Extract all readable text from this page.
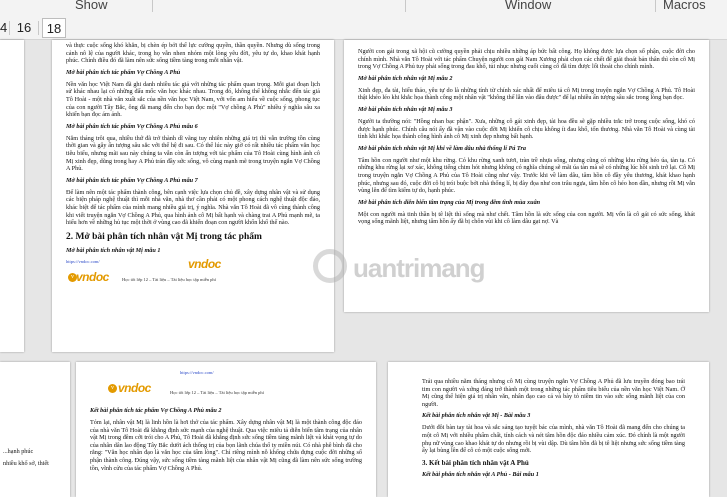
Show	Window	Macros
4 16	18

và thực cuộc sống khó khăn, bị chèn ép bởi thế lực cường quyền, thần quyền. Nhưng dù sống trong cảnh nô lệ của người khác, trong họ vẫn nhen nhóm một lòng yêu đời, yêu tự do, khao khát hạnh phúc. Chính điều đó đã làm nên sức sống tiềm tàng trong mỗi nhân vật.

Mở bài phân tích tác phẩm Vợ Chồng A Phủ

Nền văn học Việt Nam đã ghi danh nhiều tác giả với những tác phẩm quan trọng. Mỗi giai đoạn lịch sử khác nhau lại có những đấu mốc văn học khác nhau. Trong đó, không thể không nhắc đến tác giả Tô Hoài - một nhà văn xuất sắc của nền văn học Việt Nam, với vốn am hiểu về cuộc sống, phong tục của con người Tây Bắc, ông đã mang đến cho bạn đọc một "Vợ chồng A Phủ" nhiều ý nghĩa sâu xa khiến bạn đọc ám ảnh.

Mở bài phân tích tác phẩm Vợ Chồng A Phủ mẫu 6

Năm tháng trôi qua, nhiều thứ đã trở thành dĩ vãng tuy nhiên những giá trị thì vẫn trường tồn cùng thời gian và gây ấn tượng sâu sắc với thế hệ đi sau. Có thể lúc này giờ có rất nhiều tác phẩm văn học tiêu biểu, nhưng mãi sau này chúng ta vẫn còn ấn tượng với tác phẩm của Tô Hoài cùng hình ảnh cô Mị xinh đẹp, dũng trong hay A Phủ trán đầy sức sống, vô cùng mạnh mẽ trong truyện ngắn Vợ Chồng A Phủ.

Mở bài phân tích tác phẩm Vợ Chồng A Phủ mẫu 7

Để làm nên một tác phẩm thành công, bên cạnh việc lựa chọn chủ đề, xây dựng nhân vật và sử dụng các biện pháp nghệ thuật thì mỗi nhà văn, nhà thơ cần phải có một phong cách nghệ thuật độc đáo, khác biệt để tác phẩm của mình mang nhiều giá trị, ý nghĩa. Nhà văn Tô Hoài đã vô cùng thành công khi viết truyện ngắn Vợ Chồng A Phủ, qua hình ảnh cô Mị bất hạnh và chàng trai A Phủ mạnh mẽ, ta hiểu hơn về những hủ tục một thời ở vùng cao đã khiến đoạn con người khổn khổ thế nào.

2. Mở bài phân tích nhân vật Mị trong tác phẩm
Mở bài phân tích nhân vật Mị mẫu 1
https://vndoc.com/	vndoc
v vndoc	Học tốt lớp 12 – Tài liệu – Tài liệu học tập miễn phí

Người con gái trong xã hội cũ cường quyền phải chịu nhiều những áp bức bất công. Họ không được lựa chọn số phận, cuộc đời cho chính mình. Nhà văn Tô Hoài với tác phẩm Chuyện người con gái Nam Xương phải chọn các chết để giải thoát bản thân thì còn cô Mị trong Vợ Chồng A Phủ tuy phải sống trong đau khổ, tủi nhục nhưng cuối cùng cô đã tìm được lối thoát cho chính mình.

Mở bài phân tích nhân vật Mị mẫu 2

Xinh đẹp, đa tài, hiếu thảo, yêu tự do là những tính từ chính xác nhất để miêu tả cô Mị trong truyện ngắn Vợ Chồng A Phủ. Tô Hoài thật khéo léo khi khắc họa thành công một nhân vật "không thể lẫn vào đâu được" để lại nhiều ấn tượng sâu sắc trong lòng bạn đọc.

Mở bài phân tích nhân vật Mị mẫu 3

Người ta thường nói: "Hồng nhan bạc phận". Xưa, những cô gái xinh đẹp, tài hoa đều sẽ gặp nhiều trắc trở trong cuộc sống, khó có được hạnh phúc. Chính câu nói ấy đã vận vào cuộc đời Mị khiến cô chịu không ít đau khổ, tổn thương. Nhà văn Tô Hoài và cùng tài tình khi khắc họa thành công hình ảnh cô Mị xinh đẹp nhưng bất hạnh.

Mở bài phân tích nhân vật Mị khi về làm dâu nhà thống lí Pá Tra

Tâm hồn con người như một khu rừng. Có khu rừng xanh tươi, tràn trề nhựa sống, nhưng cũng có những khu rừng héo úa, tàn tạ. Có những khu rừng lại xơ xác, không tiếng chim hót nhưng không có nghĩa chúng sẽ mãi úa tàn mà sẽ có những lúc hồi sinh trở lại. Cô Mị trong truyện ngắn Vợ Chồng A Phủ của Tô Hoài cũng như vậy. Trước khi về làm dâu, tâm hồn cô đầy yêu thương, khát khao hạnh phúc, nhưng sau đó, cuộc đời cô bị trói buộc bởi nhà thống lí, bị đày đọa như con trâu ngựa, tâm hồn cô héo hon dần, nhưng rồi Mị vẫn vùng lên để tìm kiếm tự do, hạnh phúc.

Mở bài phân tích diễn biến tâm trạng của Mị trong đêm tình mùa xuân

Một con người mà tinh thần bị tê liệt thì sống mà như chết. Tâm hồn là sức sống của con người. Mị vốn là cô gái có sức sống, khát vọng sống mãnh liệt, nhưng tâm hồn ấy đã bị chôn vùi khi cô làm dâu gạt nợ. Và

...hạnh phúc

nhiều khổ sở, thiết

https://vndoc.com/
v vndoc	Học tốt lớp 12 – Tài liệu – Tài liệu học tập miễn phí
Kết bài phân tích tác phẩm Vợ Chồng A Phủ mẫu 2

Tóm lại, nhân vật Mị là linh hồn là hơi thở của tác phẩm. Xây dựng nhân vật Mị là một thành công độc đáo của nhà văn Tô Hoài đã khẳng định sức mạnh của nghệ thuật. Qua việc miêu tả diễn biến tâm trạng của nhân vật Mị trong đêm cởi trói cho A Phủ, Tô Hoài đã khẳng định sức sống tiềm tàng mãnh liệt và khát vọng tự do của nhân dân lao động Tây Bắc dưới ách thống trị của bọn lãnh chúa thổ ty miền núi. Có nhà phê bình đã cho rằng: "Văn học nhân đạo là văn học của tấm lòng". Chỉ riêng mình nỗ khổng chứa đựng cuộc đời những số phận thành công. Đúng vậy, sức sống tiềm tàng mãnh liệt của nhân vật Mị cũng đã làm nên sức sống trường tồn, vĩnh cửu của tác phẩm Vợ Chồng A Phủ.

Trải qua nhiều năm tháng nhưng cô Mị cùng truyện ngắn Vợ Chồng A Phủ đã lưu truyền đóng bao trái tim con người và xứng đáng trở thành một trong những tác phẩm tiêu biểu của nền văn học Việt Nam. Ở Mị cũng thể hiện giá trị nhân văn, nhân đạo cao cả và bày tỏ niềm tin vào sức sống mãnh liệt của con người.

Kết bài phân tích nhân vật Mị - Bài mẫu 3

Dưới đôi bàn tay tài hoa và sắc sảng tạo tuyệt bác của mình, nhà văn Tô Hoài đã mang đến cho chúng ta một cô Mị với nhiều phẩm chất, tính cách và nét tâm hồn độc đáo nhiều cảm xúc. Đó chính là một người phụ nữ vùng cao khao khát tự do nhưng rồi bị vùi dập. Dù tâm hồn đã bị tê liệt nhưng sức sống tiềm tàng ấy lại bùng lên để cô có một cuộc sống mới.

3. Kết bài phân tích nhân vật A Phủ
Kết bài phân tích nhân vật A Phủ - Bài mẫu 1
uantrimang
